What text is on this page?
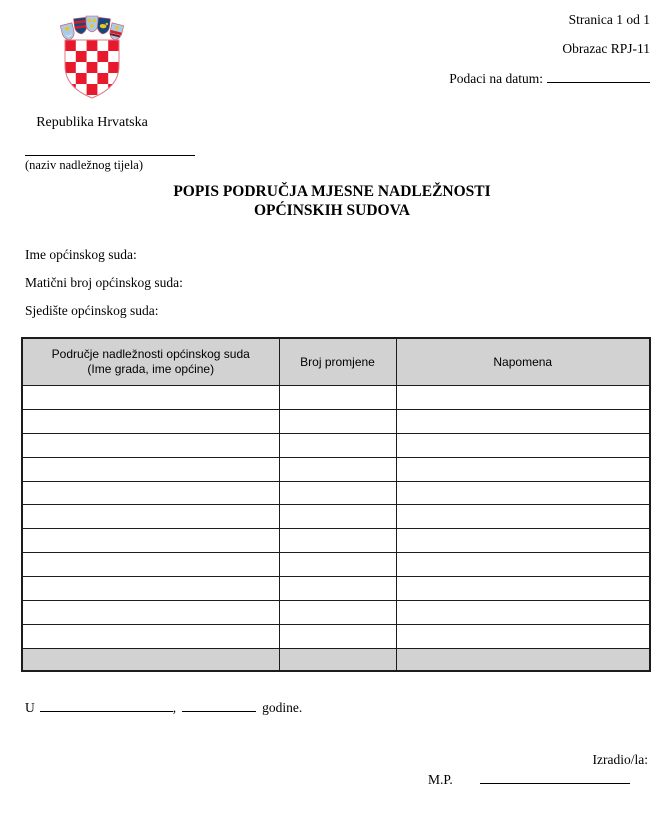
Stranica 1 od 1
Obrazac RPJ-11
Podaci na datum:
Republika Hrvatska
(naziv nadležnog tijela)
POPIS PODRUČJA MJESNE NADLEŽNOSTI
OPĆINSKIH SUDOVA
Ime općinskog suda:
Matični broj općinskog suda:
Sjedište općinskog suda:
Područje nadležnosti općinskog suda
(Ime grada, ime općine)	Broj promjene	Napomena

U	,	godine.
Izradio/la:
M.P.
